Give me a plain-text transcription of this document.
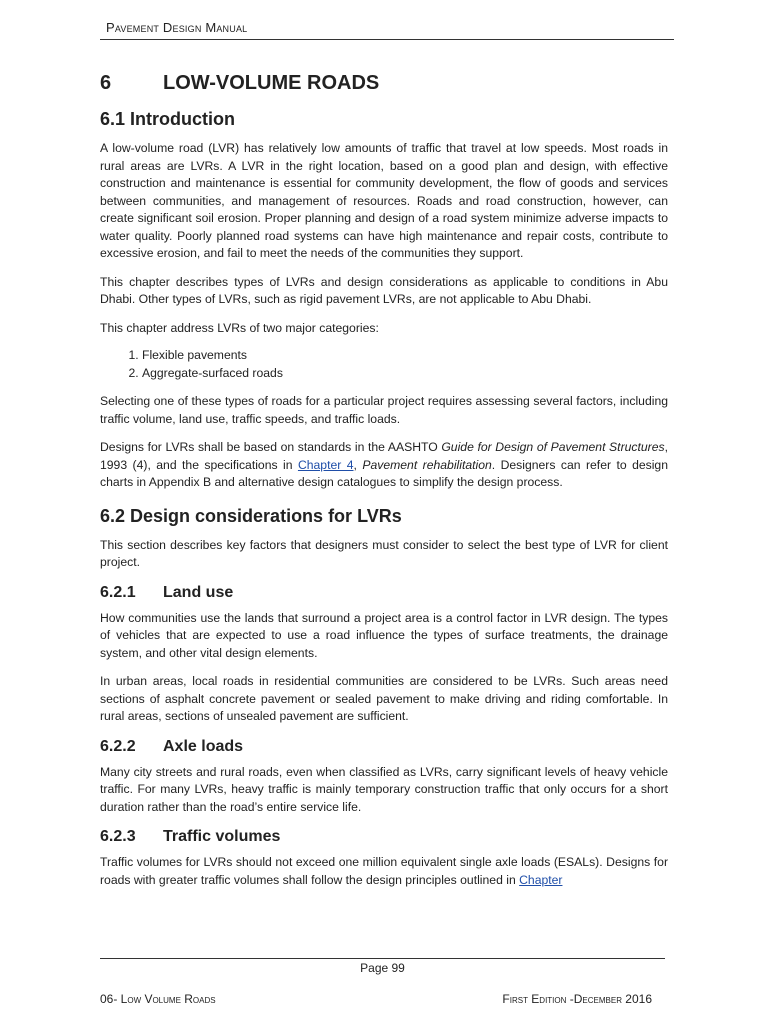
Pavement Design Manual
6	LOW-VOLUME ROADS
6.1 Introduction

A low-volume road (LVR) has relatively low amounts of traffic that travel at low speeds. Most roads in rural areas are LVRs. A LVR in the right location, based on a good plan and design, with effective construction and maintenance is essential for community development, the flow of goods and services between communities, and management of resources. Roads and road construction, however, can create significant soil erosion. Proper planning and design of a road system minimize adverse impacts to water quality. Poorly planned road systems can have high maintenance and repair costs, contribute to excessive erosion, and fail to meet the needs of the communities they support.

This chapter describes types of LVRs and design considerations as applicable to conditions in Abu Dhabi. Other types of LVRs, such as rigid pavement LVRs, are not applicable to Abu Dhabi.

This chapter address LVRs of two major categories:

1. Flexible pavements
2. Aggregate-surfaced roads

Selecting one of these types of roads for a particular project requires assessing several factors, including traffic volume, land use, traffic speeds, and traffic loads.

Designs for LVRs shall be based on standards in the AASHTO Guide for Design of Pavement Structures, 1993 (4), and the specifications in Chapter 4, Pavement rehabilitation. Designers can refer to design charts in Appendix B and alternative design catalogues to simplify the design process.

6.2 Design considerations for LVRs

This section describes key factors that designers must consider to select the best type of LVR for client project.

6.2.1	Land use

How communities use the lands that surround a project area is a control factor in LVR design. The types of vehicles that are expected to use a road influence the types of surface treatments, the drainage system, and other vital design elements.

In urban areas, local roads in residential communities are considered to be LVRs. Such areas need sections of asphalt concrete pavement or sealed pavement to make driving and riding comfortable. In rural areas, sections of unsealed pavement are sufficient.

6.2.2	Axle loads

Many city streets and rural roads, even when classified as LVRs, carry significant levels of heavy vehicle traffic. For many LVRs, heavy traffic is mainly temporary construction traffic that only occurs for a short duration rather than the road’s entire service life.

6.2.3	Traffic volumes

Traffic volumes for LVRs should not exceed one million equivalent single axle loads (ESALs). Designs for roads with greater traffic volumes shall follow the design principles outlined in Chapter

Page 99
06- Low Volume Roads	First Edition -December 2016
